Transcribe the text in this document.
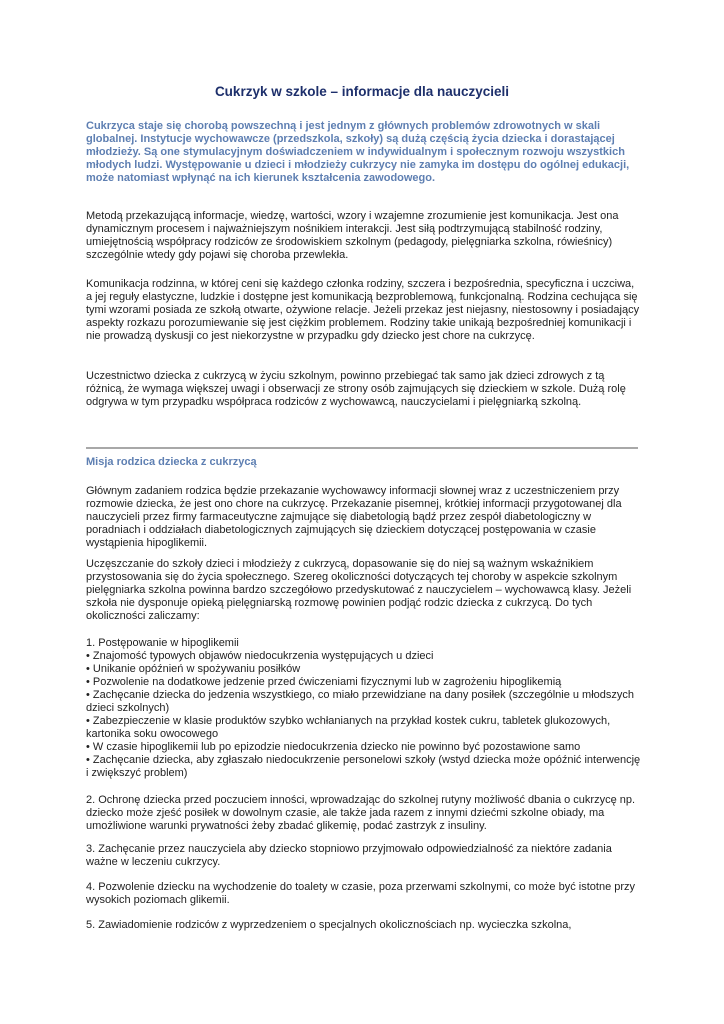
Cukrzyk w szkole – informacje dla nauczycieli

Cukrzyca staje się chorobą powszechną i jest jednym z głównych problemów zdrowotnych w skali globalnej. Instytucje wychowawcze (przedszkola, szkoły) są dużą częścią życia dziecka i dorastającej młodzieży. Są one stymulacyjnym doświadczeniem w indywidualnym i społecznym rozwoju wszystkich młodych ludzi. Występowanie u dzieci i młodzieży cukrzycy nie zamyka im dostępu do ogólnej edukacji, może natomiast wpłynąć na ich kierunek kształcenia zawodowego.

Metodą przekazującą informacje, wiedzę, wartości, wzory i wzajemne zrozumienie jest komunikacja. Jest ona dynamicznym procesem i najważniejszym nośnikiem interakcji. Jest siłą podtrzymującą stabilność rodziny, umiejętnością współpracy rodziców ze środowiskiem szkolnym (pedagody, pielęgniarka szkolna, rówieśnicy) szczególnie wtedy gdy pojawi się choroba przewlekła.

Komunikacja rodzinna, w której ceni się każdego członka rodziny, szczera i bezpośrednia, specyficzna i uczciwa, a jej reguły elastyczne, ludzkie i dostępne jest komunikacją bezproblemową, funkcjonalną. Rodzina cechująca się tymi wzorami posiada ze szkołą otwarte, ożywione relacje. Jeżeli przekaz jest niejasny, niestosowny i posiadający aspekty rozkazu porozumiewanie się jest ciężkim problemem. Rodziny takie unikają bezpośredniej komunikacji i nie prowadzą dyskusji co jest niekorzystne w przypadku gdy dziecko jest chore na cukrzycę.

Uczestnictwo dziecka z cukrzycą w życiu szkolnym, powinno przebiegać tak samo jak dzieci zdrowych z tą różnicą, że wymaga większej uwagi i obserwacji ze strony osób zajmujących się dzieckiem w szkole. Dużą rolę odgrywa w tym przypadku współpraca rodziców z wychowawcą, nauczycielami i pielęgniarką szkolną.

Misja rodzica dziecka z cukrzycą

Głównym zadaniem rodzica będzie przekazanie wychowawcy informacji słownej wraz z uczestniczeniem przy rozmowie dziecka, że jest ono chore na cukrzycę. Przekazanie pisemnej, krótkiej informacji przygotowanej dla nauczycieli przez firmy farmaceutyczne zajmujące się diabetologią bądź przez zespół diabetologiczny w poradniach i oddziałach diabetologicznych zajmujących się dzieckiem dotyczącej postępowania w czasie wystąpienia hipoglikemii.

Uczęszczanie do szkoły dzieci i młodzieży z cukrzycą, dopasowanie się do niej są ważnym wskaźnikiem przystosowania się do życia społecznego. Szereg okoliczności dotyczących tej choroby w aspekcie szkolnym pielęgniarka szkolna powinna bardzo szczegółowo przedyskutować z nauczycielem – wychowawcą klasy. Jeżeli szkoła nie dysponuje opieką pielęgniarską rozmowę powinien podjąć rodzic dziecka z cukrzycą. Do tych okoliczności zaliczamy:

1. Postępowanie w hipoglikemii
• Znajomość typowych objawów niedocukrzenia występujących u dzieci
• Unikanie opóźnień w spożywaniu posiłków
• Pozwolenie na dodatkowe jedzenie przed ćwiczeniami fizycznymi lub w zagrożeniu hipoglikemią
• Zachęcanie dziecka do jedzenia wszystkiego, co miało przewidziane na dany posiłek (szczególnie u młodszych dzieci szkolnych)
• Zabezpieczenie w klasie produktów szybko wchłanianych na przykład kostek cukru, tabletek glukozowych, kartonika soku owocowego
• W czasie hipoglikemii lub po epizodzie niedocukrzenia dziecko nie powinno być pozostawione samo
• Zachęcanie dziecka, aby zgłaszało niedocukrzenie personelowi szkoły (wstyd dziecka może opóźnić interwencję i zwiększyć problem)

2. Ochronę dziecka przed poczuciem inności, wprowadzając do szkolnej rutyny możliwość dbania o cukrzycę np. dziecko może zjeść posiłek w dowolnym czasie, ale także jada razem z innymi dziećmi szkolne obiady, ma umożliwione warunki prywatności żeby zbadać glikemię, podać zastrzyk z insuliny.

3. Zachęcanie przez nauczyciela aby dziecko stopniowo przyjmowało odpowiedzialność za niektóre zadania ważne w leczeniu cukrzycy.

4. Pozwolenie dziecku na wychodzenie do toalety w czasie, poza przerwami szkolnymi, co może być istotne przy wysokich poziomach glikemii.

5. Zawiadomienie rodziców z wyprzedzeniem o specjalnych okolicznościach np. wycieczka szkolna,
